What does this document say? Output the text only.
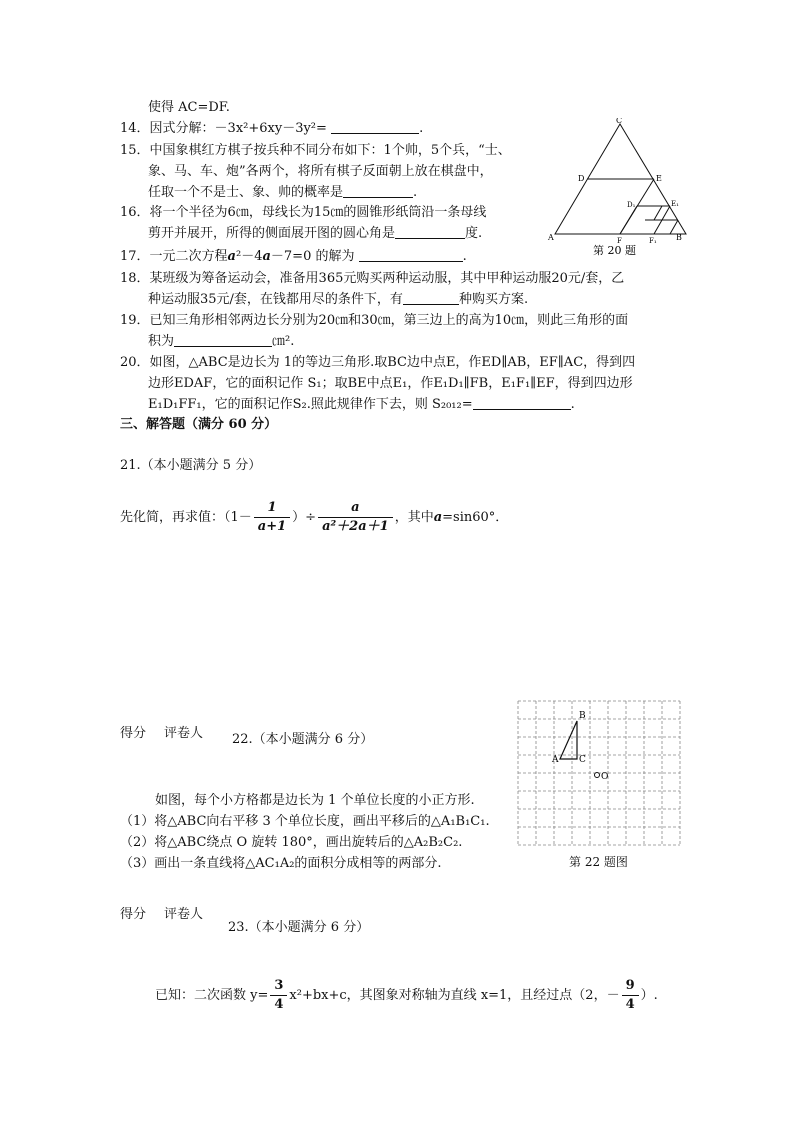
使得 AC=DF.
14．因式分解：－3x²+6xy－3y²=	.
15．中国象棋红方棋子按兵种不同分布如下：1个帅，5个兵，“士、
象、马、车、炮”各两个，将所有棋子反面朝上放在棋盘中，
任取一个不是士、象、帅的概率是	.
16．将一个半径为6㎝，母线长为15㎝的圆锥形纸筒沿一条母线
剪开并展开，所得的侧面展开图的圆心角是	度.
17．一元二次方程a²－4a－7=0 的解为	.
18．某班级为筹备运动会，准备用365元购买两种运动服，其中甲种运动服20元/套，乙
种运动服35元/套，在钱都用尽的条件下，有	种购买方案.
19．已知三角形相邻两边长分别为20㎝和30㎝，第三边上的高为10㎝，则此三角形的面
积为	㎝².
20．如图，△ABC是边长为 1的等边三角形.取BC边中点E，作ED∥AB，EF∥AC，得到四
边形EDAF，它的面积记作 S₁；取BE中点E₁，作E₁D₁∥FB，E₁F₁∥EF，得到四边形
E₁D₁FF₁，它的面积记作S₂.照此规律作下去，则 S₂₀₁₂=	.
三、解答题（满分 60 分）
21.（本小题满分 5 分）
先化简，再求值：（$1- \frac{1}{a+1}$ ）÷ $\frac{a}{\text{a²＋2a＋1}}$ ，其中a=sin60°．
得分 评卷人 22.（本小题满分 6 分）
如图，每个小方格都是边长为 1 个单位长度的小正方形.
（1）将△ABC向右平移 3 个单位长度，画出平移后的△A₁B₁C₁.
（2）将△ABC绕点 O 旋转 180°，画出旋转后的△A₂B₂C₂.
（3）画出一条直线将△AC₁A₂的面积分成相等的两部分.
A
B
C
O
第 22 题图
得分 评卷人
23.（本小题满分 6 分）
已知：二次函数 $y= \frac{3}{4} x^2+bx+c$，其图象对称轴为直线 x=1，且经过点（2，－ $\frac{9}{4}$ ）.
C
D	E
D₁	E₁
A	F	F₁ B
第 20 题
